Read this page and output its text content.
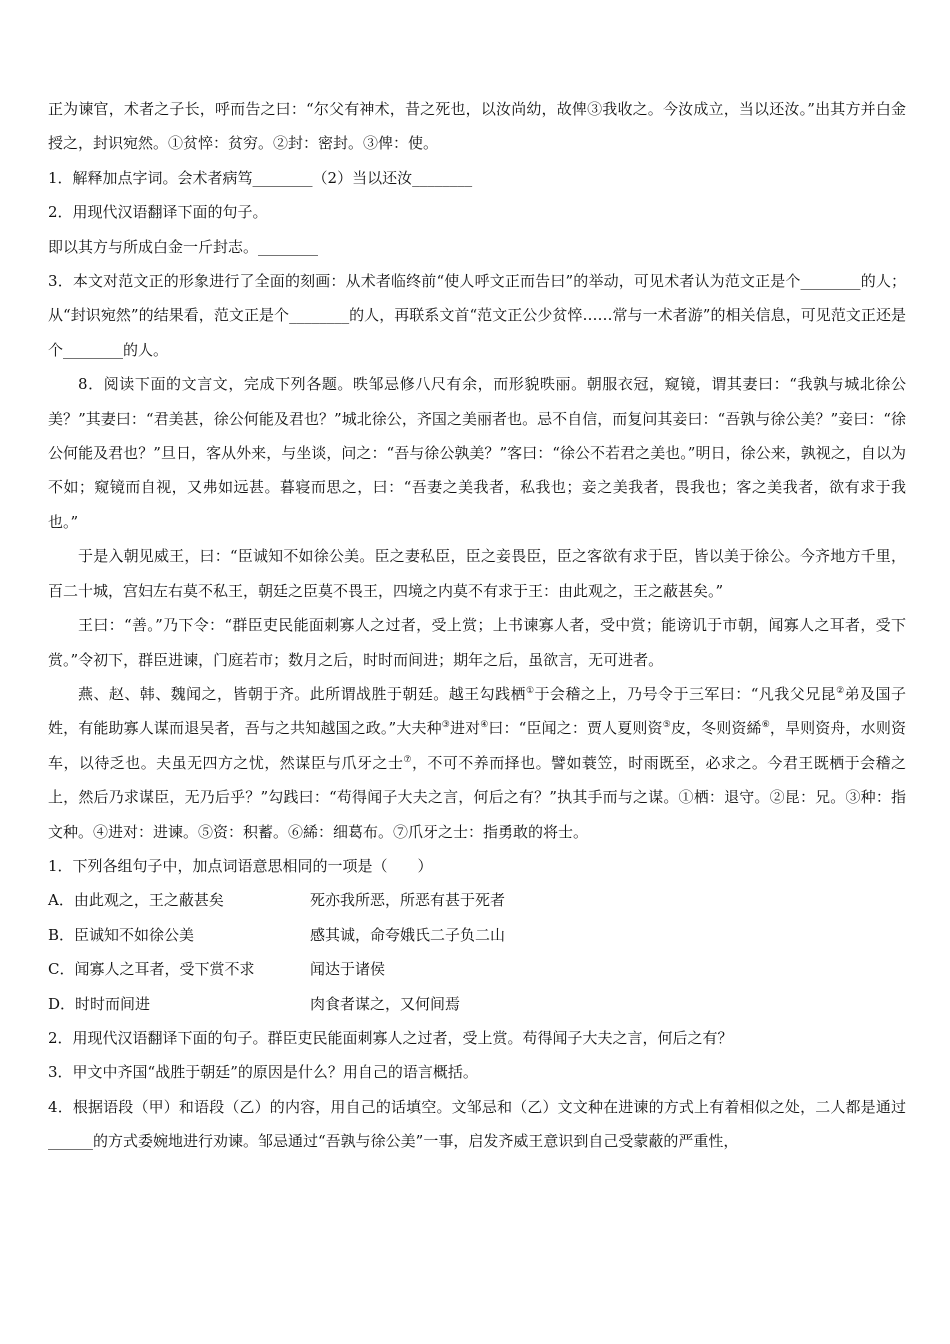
正为谏官，术者之子长，呼而告之曰：“尔父有神术，昔之死也，以汝尚幼，故俾③我收之。今汝成立，当以还汝。”出其方并白金授之，封识宛然。①贫悴：贫穷。②封：密封。③俾：使。

1．解释加点字词。会术者病笃________（2）当以还汝________

2．用现代汉语翻译下面的句子。

即以其方与所成白金一斤封志。________

3．本文对范文正的形象进行了全面的刻画：从术者临终前“使人呼文正而告曰”的举动，可见术者认为范文正是个________的人；从“封识宛然”的结果看，范文正是个________的人，再联系文首“范文正公少贫悴……常与一术者游”的相关信息，可见范文正还是个________的人。

8．阅读下面的文言文，完成下列各题。昳邹忌修八尺有余，而形貌昳丽。朝服衣冠，窥镜，谓其妻曰：“我孰与城北徐公美？”其妻曰：“君美甚，徐公何能及君也？”城北徐公，齐国之美丽者也。忌不自信，而复问其妾曰：“吾孰与徐公美？”妾曰：“徐公何能及君也？”旦日，客从外来，与坐谈，问之：“吾与徐公孰美？”客曰：“徐公不若君之美也。”明日，徐公来，孰视之，自以为不如；窥镜而自视，又弗如远甚。暮寝而思之，曰：“吾妻之美我者，私我也；妾之美我者，畏我也；客之美我者，欲有求于我也。”

于是入朝见威王，曰：“臣诚知不如徐公美。臣之妻私臣，臣之妾畏臣，臣之客欲有求于臣，皆以美于徐公。今齐地方千里，百二十城，宫妇左右莫不私王，朝廷之臣莫不畏王，四境之内莫不有求于王：由此观之，王之蔽甚矣。”

王曰：“善。”乃下令：“群臣吏民能面刺寡人之过者，受上赏；上书谏寡人者，受中赏；能谤讥于市朝，闻寡人之耳者，受下赏。”令初下，群臣进谏，门庭若市；数月之后，时时而间进；期年之后，虽欲言，无可进者。

燕、赵、韩、魏闻之，皆朝于齐。此所谓战胜于朝廷。越王勾践栖①于会稽之上，乃号令于三军曰：“凡我父兄昆②弟及国子姓，有能助寡人谋而退吴者，吾与之共知越国之政。”大夫种③进对④曰：“臣闻之：贾人夏则资⑤皮，冬则资絺⑥，旱则资舟，水则资车，以待乏也。夫虽无四方之忧，然谋臣与爪牙之士⑦，不可不养而择也。譬如蓑笠，时雨既至，必求之。今君王既栖于会稽之上，然后乃求谋臣，无乃后乎？”勾践曰：“苟得闻子大夫之言，何后之有？”执其手而与之谋。①栖：退守。②昆：兄。③种：指文种。④进对：进谏。⑤资：积蓄。⑥絺：细葛布。⑦爪牙之士：指勇敢的将士。

1．下列各组句子中，加点词语意思相同的一项是（　　）

A．由此观之，王之蔽甚矣	死亦我所恶，所恶有甚于死者

B．臣诚知不如徐公美	感其诚，命夸娥氏二子负二山

C．闻寡人之耳者，受下赏不求	闻达于诸侯

D．时时而间进	肉食者谋之，又何间焉

2．用现代汉语翻译下面的句子。群臣吏民能面刺寡人之过者，受上赏。苟得闻子大夫之言，何后之有？

3．甲文中齐国“战胜于朝廷”的原因是什么？用自己的语言概括。

4．根据语段（甲）和语段（乙）的内容，用自己的话填空。文邹忌和（乙）文文种在进谏的方式上有着相似之处，二人都是通过______的方式委婉地进行劝谏。邹忌通过“吾孰与徐公美”一事，启发齐威王意识到自己受蒙蔽的严重性，
